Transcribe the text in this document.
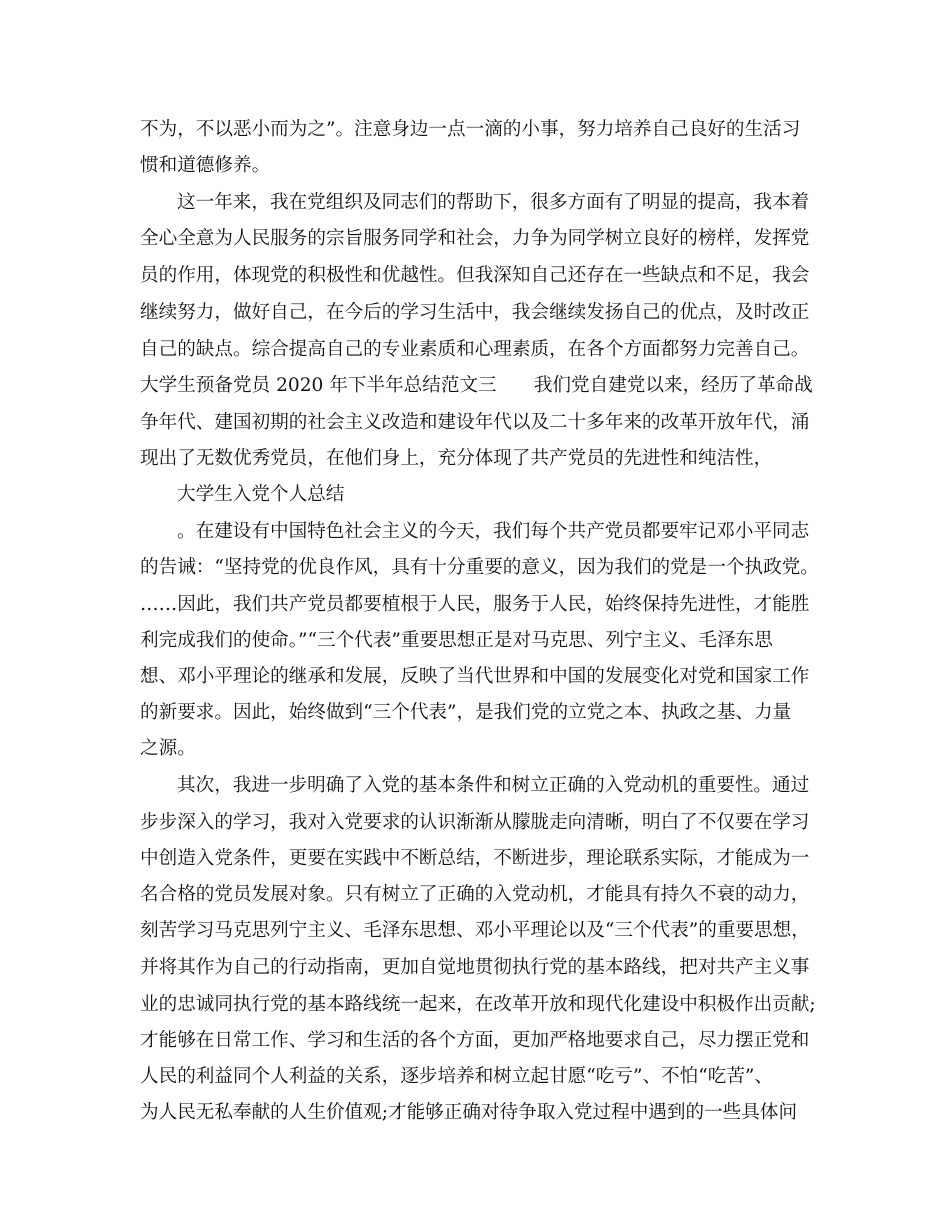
不为，不以恶小而为之”。注意身边一点一滴的小事，努力培养自己良好的生活习

惯和道德修养。

这一年来，我在党组织及同志们的帮助下，很多方面有了明显的提高，我本着

全心全意为人民服务的宗旨服务同学和社会，力争为同学树立良好的榜样，发挥党

员的作用，体现党的积极性和优越性。但我深知自己还存在一些缺点和不足，我会

继续努力，做好自己，在今后的学习生活中，我会继续发扬自己的优点，及时改正

自己的缺点。综合提高自己的专业素质和心理素质，在各个方面都努力完善自己。

大学生预备党员 2020 年下半年总结范文三　　我们党自建党以来，经历了革命战

争年代、建国初期的社会主义改造和建设年代以及二十多年来的改革开放年代，涌

现出了无数优秀党员，在他们身上，充分体现了共产党员的先进性和纯洁性，

大学生入党个人总结

。在建设有中国特色社会主义的今天，我们每个共产党员都要牢记邓小平同志

的告诫：“坚持党的优良作风，具有十分重要的意义，因为我们的党是一个执政党。

……因此，我们共产党员都要植根于人民，服务于人民，始终保持先进性，才能胜

利完成我们的使命。”“三个代表”重要思想正是对马克思、列宁主义、毛泽东思

想、邓小平理论的继承和发展，反映了当代世界和中国的发展变化对党和国家工作

的新要求。因此，始终做到“三个代表”，是我们党的立党之本、执政之基、力量

之源。

其次，我进一步明确了入党的基本条件和树立正确的入党动机的重要性。通过

步步深入的学习，我对入党要求的认识渐渐从朦胧走向清晰，明白了不仅要在学习

中创造入党条件，更要在实践中不断总结，不断进步，理论联系实际，才能成为一

名合格的党员发展对象。只有树立了正确的入党动机，才能具有持久不衰的动力，

刻苦学习马克思列宁主义、毛泽东思想、邓小平理论以及“三个代表”的重要思想，

并将其作为自己的行动指南，更加自觉地贯彻执行党的基本路线，把对共产主义事

业的忠诚同执行党的基本路线统一起来，在改革开放和现代化建设中积极作出贡献;

才能够在日常工作、学习和生活的各个方面，更加严格地要求自己，尽力摆正党和

人民的利益同个人利益的关系，逐步培养和树立起甘愿“吃亏”、不怕“吃苦”、

为人民无私奉献的人生价值观;才能够正确对待争取入党过程中遇到的一些具体问
